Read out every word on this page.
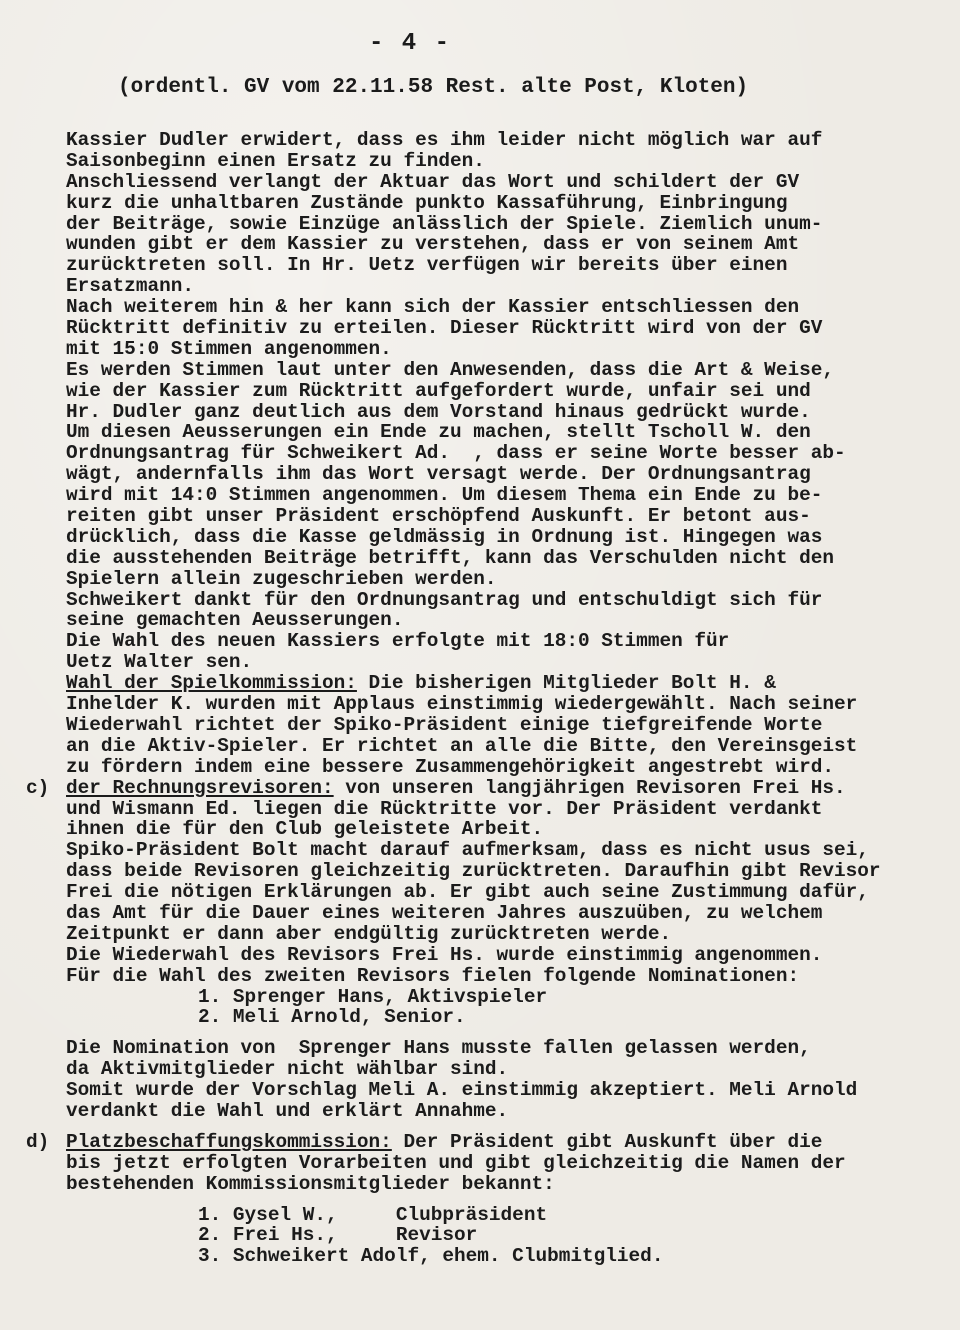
- 4 -
(ordentl. GV vom 22.11.58 Rest. alte Post, Kloten)
Kassier Dudler erwidert, dass es ihm leider nicht möglich war auf
Saisonbeginn einen Ersatz zu finden.
Anschliessend verlangt der Aktuar das Wort und schildert der GV
kurz die unhaltbaren Zustände punkto Kassaführung, Einbringung
der Beiträge, sowie Einzüge anlässlich der Spiele. Ziemlich unum-
wunden gibt er dem Kassier zu verstehen, dass er von seinem Amt
zurücktreten soll. In Hr. Uetz verfügen wir bereits über einen
Ersatzmann.
Nach weiterem hin & her kann sich der Kassier entschliessen den
Rücktritt definitiv zu erteilen. Dieser Rücktritt wird von der GV
mit 15:0 Stimmen angenommen.
Es werden Stimmen laut unter den Anwesenden, dass die Art & Weise,
wie der Kassier zum Rücktritt aufgefordert wurde, unfair sei und
Hr. Dudler ganz deutlich aus dem Vorstand hinaus gedrückt wurde.
Um diesen Aeusserungen ein Ende zu machen, stellt Tscholl W. den
Ordnungsantrag für Schweikert Ad.  , dass er seine Worte besser ab-
wägt, andernfalls ihm das Wort versagt werde. Der Ordnungsantrag
wird mit 14:0 Stimmen angenommen. Um diesem Thema ein Ende zu be-
reiten gibt unser Präsident erschöpfend Auskunft. Er betont aus-
drücklich, dass die Kasse geldmässig in Ordnung ist. Hingegen was
die ausstehenden Beiträge betrifft, kann das Verschulden nicht den
Spielern allein zugeschrieben werden.
Schweikert dankt für den Ordnungsantrag und entschuldigt sich für
seine gemachten Aeusserungen.
Die Wahl des neuen Kassiers erfolgte mit 18:0 Stimmen für
Uetz Walter sen.
Wahl der Spielkommission: Die bisherigen Mitglieder Bolt H. &
Inhelder K. wurden mit Applaus einstimmig wiedergewählt. Nach seiner
Wiederwahl richtet der Spiko-Präsident einige tiefgreifende Worte
an die Aktiv-Spieler. Er richtet an alle die Bitte, den Vereinsgeist
zu fördern indem eine bessere Zusammengehörigkeit angestrebt wird.
c) der Rechnungsrevisoren: von unseren langjährigen Revisoren Frei Hs.
und Wismann Ed. liegen die Rücktritte vor. Der Präsident verdankt
ihnen die für den Club geleistete Arbeit.
Spiko-Präsident Bolt macht darauf aufmerksam, dass es nicht usus sei,
dass beide Revisoren gleichzeitig zurücktreten. Daraufhin gibt Revisor
Frei die nötigen Erklärungen ab. Er gibt auch seine Zustimmung dafür,
das Amt für die Dauer eines weiteren Jahres auszuüben, zu welchem
Zeitpunkt er dann aber endgültig zurücktreten werde.
Die Wiederwahl des Revisors Frei Hs. wurde einstimmig angenommen.
Für die Wahl des zweiten Revisors fielen folgende Nominationen:
1. Sprenger Hans, Aktivspieler
2. Meli Arnold, Senior.
Die Nomination von  Sprenger Hans musste fallen gelassen werden,
da Aktivmitglieder nicht wählbar sind.
Somit wurde der Vorschlag Meli A. einstimmig akzeptiert. Meli Arnold
verdankt die Wahl und erklärt Annahme.
d) Platzbeschaffungskommission: Der Präsident gibt Auskunft über die
bis jetzt erfolgten Vorarbeiten und gibt gleichzeitig die Namen der
bestehenden Kommissionsmitglieder bekannt:
1. Gysel W.,     Clubpräsident
2. Frei Hs.,     Revisor
3. Schweikert Adolf, ehem. Clubmitglied.
